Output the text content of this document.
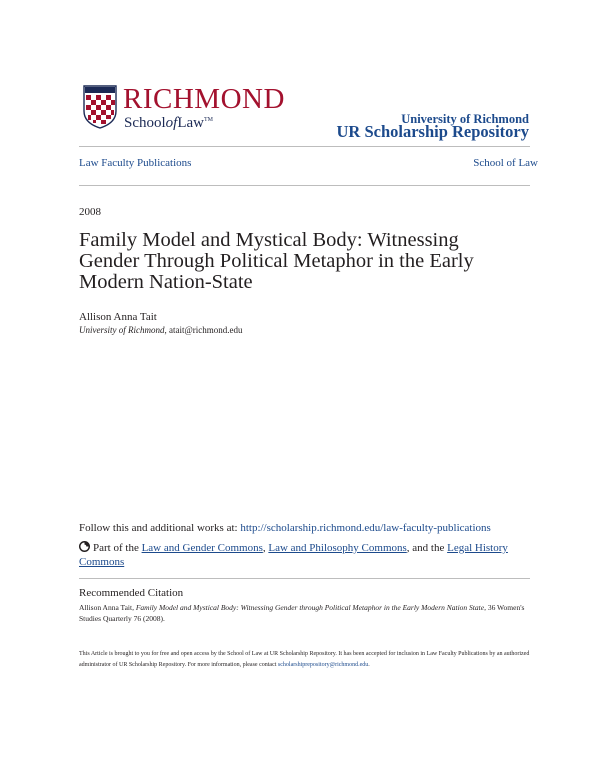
RICHMOND
SchoolofLaw™	University of Richmond
UR Scholarship Repository
Law Faculty Publications	School of Law
2008
Family Model and Mystical Body: Witnessing
Gender Through Political Metaphor in the Early
Modern Nation-State
Allison Anna Tait
University of Richmond, atait@richmond.edu
Follow this and additional works at: http://scholarship.richmond.edu/law-faculty-publications
Part of the Law and Gender Commons, Law and Philosophy Commons, and the Legal History Commons
Recommended Citation
Allison Anna Tait, Family Model and Mystical Body: Witnessing Gender through Political Metaphor in the Early Modern Nation State, 36 Women's Studies Quarterly 76 (2008).
This Article is brought to you for free and open access by the School of Law at UR Scholarship Repository. It has been accepted for inclusion in Law Faculty Publications by an authorized administrator of UR Scholarship Repository. For more information, please contact scholarshiprepository@richmond.edu.
